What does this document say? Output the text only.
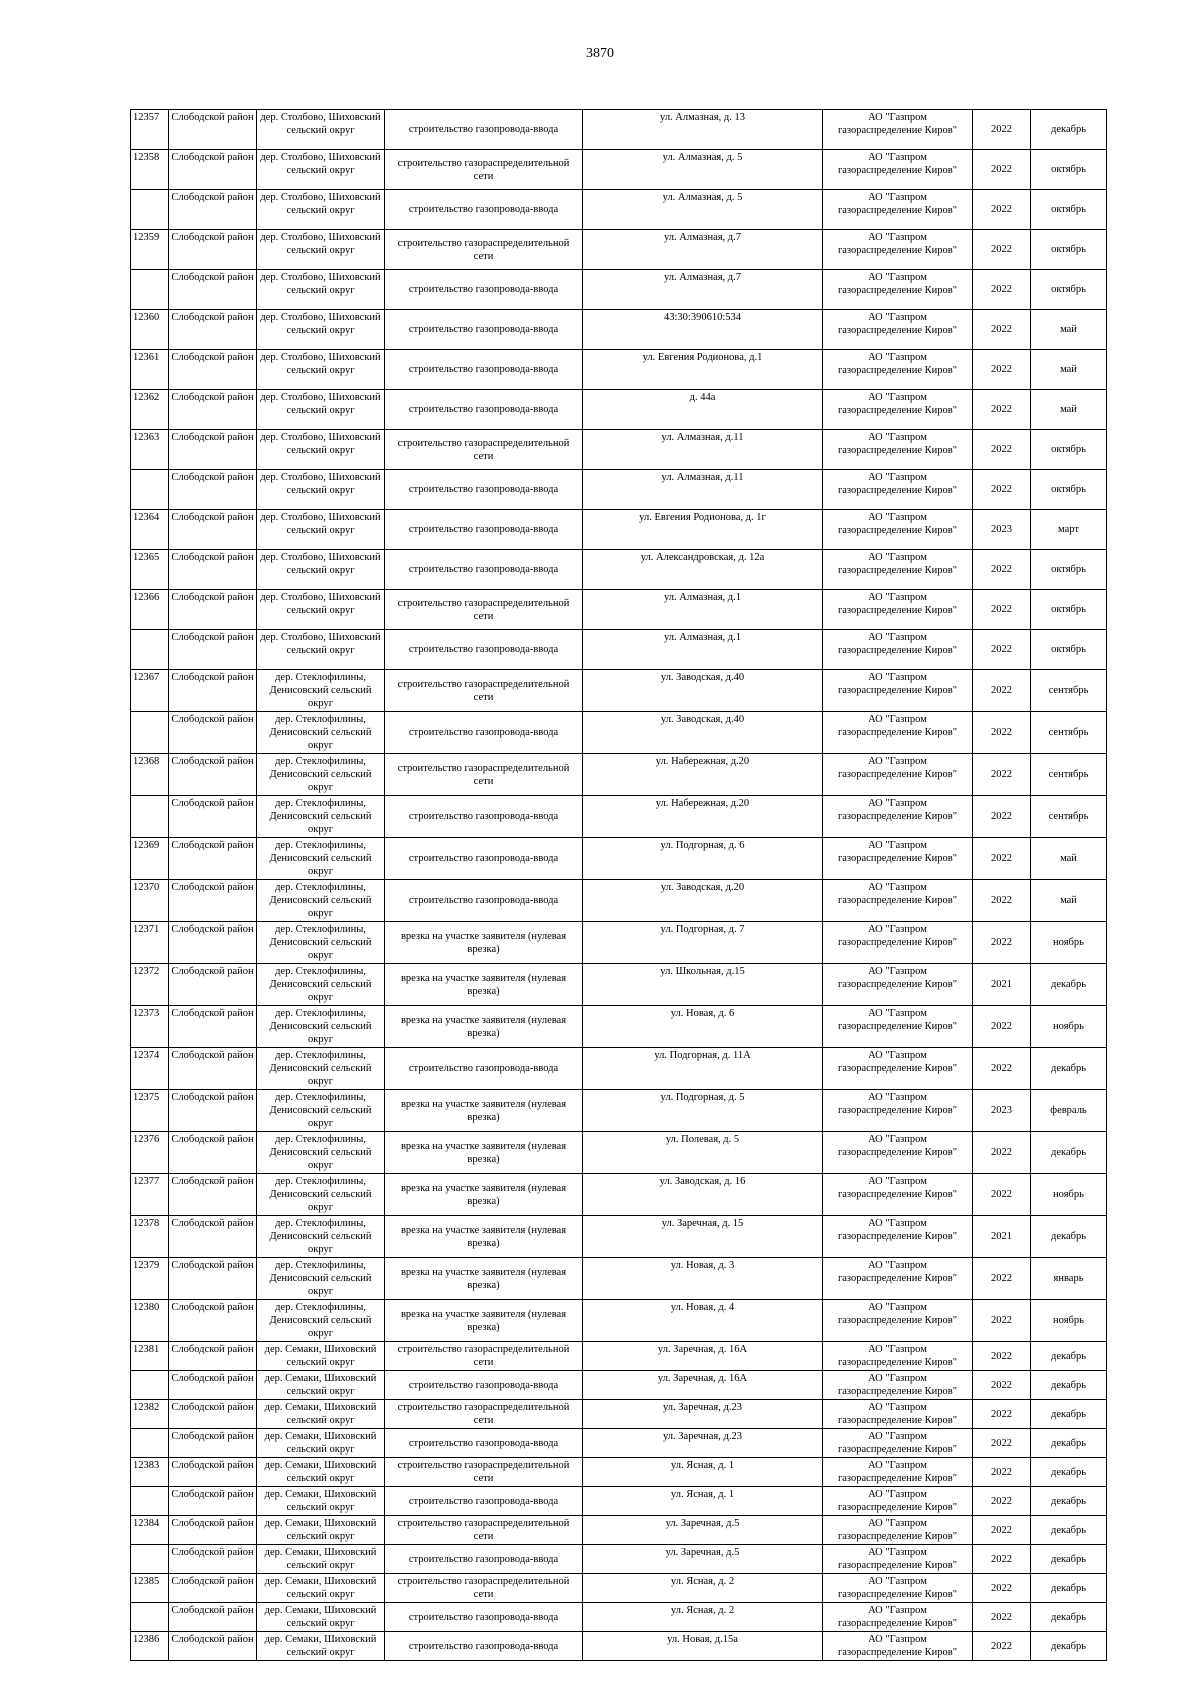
3870
12357	Слободской район	дер. Столбово, Шиховский сельский округ	строительство газопровода-ввода	ул. Алмазная, д. 13	АО "Газпром газораспределение Киров"	2022	декабрь
12358	Слободской район	дер. Столбово, Шиховский сельский округ	строительство газораспределительной сети	ул. Алмазная, д. 5	АО "Газпром газораспределение Киров"	2022	октябрь
	Слободской район	дер. Столбово, Шиховский сельский округ	строительство газопровода-ввода	ул. Алмазная, д. 5	АО "Газпром газораспределение Киров"	2022	октябрь
12359	Слободской район	дер. Столбово, Шиховский сельский округ	строительство газораспределительной сети	ул. Алмазная, д.7	АО "Газпром газораспределение Киров"	2022	октябрь
	Слободской район	дер. Столбово, Шиховский сельский округ	строительство газопровода-ввода	ул. Алмазная, д.7	АО "Газпром газораспределение Киров"	2022	октябрь
12360	Слободской район	дер. Столбово, Шиховский сельский округ	строительство газопровода-ввода	43:30:390610:534	АО "Газпром газораспределение Киров"	2022	май
12361	Слободской район	дер. Столбово, Шиховский сельский округ	строительство газопровода-ввода	ул. Евгения Родионова, д.1	АО "Газпром газораспределение Киров"	2022	май
12362	Слободской район	дер. Столбово, Шиховский сельский округ	строительство газопровода-ввода	д. 44а	АО "Газпром газораспределение Киров"	2022	май
12363	Слободской район	дер. Столбово, Шиховский сельский округ	строительство газораспределительной сети	ул. Алмазная, д.11	АО "Газпром газораспределение Киров"	2022	октябрь
	Слободской район	дер. Столбово, Шиховский сельский округ	строительство газопровода-ввода	ул. Алмазная, д.11	АО "Газпром газораспределение Киров"	2022	октябрь
12364	Слободской район	дер. Столбово, Шиховский сельский округ	строительство газопровода-ввода	ул. Евгения Родионова, д. 1г	АО "Газпром газораспределение Киров"	2023	март
12365	Слободской район	дер. Столбово, Шиховский сельский округ	строительство газопровода-ввода	ул. Александровская, д. 12а	АО "Газпром газораспределение Киров"	2022	октябрь
12366	Слободской район	дер. Столбово, Шиховский сельский округ	строительство газораспределительной сети	ул. Алмазная, д.1	АО "Газпром газораспределение Киров"	2022	октябрь
	Слободской район	дер. Столбово, Шиховский сельский округ	строительство газопровода-ввода	ул. Алмазная, д.1	АО "Газпром газораспределение Киров"	2022	октябрь
12367	Слободской район	дер. Стеклофилины, Денисовский сельский округ	строительство газораспределительной сети	ул. Заводская, д.40	АО "Газпром газораспределение Киров"	2022	сентябрь
	Слободской район	дер. Стеклофилины, Денисовский сельский округ	строительство газопровода-ввода	ул. Заводская, д.40	АО "Газпром газораспределение Киров"	2022	сентябрь
12368	Слободской район	дер. Стеклофилины, Денисовский сельский округ	строительство газораспределительной сети	ул. Набережная, д.20	АО "Газпром газораспределение Киров"	2022	сентябрь
	Слободской район	дер. Стеклофилины, Денисовский сельский округ	строительство газопровода-ввода	ул. Набережная, д.20	АО "Газпром газораспределение Киров"	2022	сентябрь
12369	Слободской район	дер. Стеклофилины, Денисовский сельский округ	строительство газопровода-ввода	ул. Подгорная, д. 6	АО "Газпром газораспределение Киров"	2022	май
12370	Слободской район	дер. Стеклофилины, Денисовский сельский округ	строительство газопровода-ввода	ул. Заводская, д.20	АО "Газпром газораспределение Киров"	2022	май
12371	Слободской район	дер. Стеклофилины, Денисовский сельский округ	врезка на участке заявителя (нулевая врезка)	ул. Подгорная, д. 7	АО "Газпром газораспределение Киров"	2022	ноябрь
12372	Слободской район	дер. Стеклофилины, Денисовский сельский округ	врезка на участке заявителя (нулевая врезка)	ул. Школьная, д.15	АО "Газпром газораспределение Киров"	2021	декабрь
12373	Слободской район	дер. Стеклофилины, Денисовский сельский округ	врезка на участке заявителя (нулевая врезка)	ул. Новая, д. 6	АО "Газпром газораспределение Киров"	2022	ноябрь
12374	Слободской район	дер. Стеклофилины, Денисовский сельский округ	строительство газопровода-ввода	ул. Подгорная, д. 11А	АО "Газпром газораспределение Киров"	2022	декабрь
12375	Слободской район	дер. Стеклофилины, Денисовский сельский округ	врезка на участке заявителя (нулевая врезка)	ул. Подгорная, д. 5	АО "Газпром газораспределение Киров"	2023	февраль
12376	Слободской район	дер. Стеклофилины, Денисовский сельский округ	врезка на участке заявителя (нулевая врезка)	ул. Полевая, д. 5	АО "Газпром газораспределение Киров"	2022	декабрь
12377	Слободской район	дер. Стеклофилины, Денисовский сельский округ	врезка на участке заявителя (нулевая врезка)	ул. Заводская, д. 16	АО "Газпром газораспределение Киров"	2022	ноябрь
12378	Слободской район	дер. Стеклофилины, Денисовский сельский округ	врезка на участке заявителя (нулевая врезка)	ул. Заречная, д. 15	АО "Газпром газораспределение Киров"	2021	декабрь
12379	Слободской район	дер. Стеклофилины, Денисовский сельский округ	врезка на участке заявителя (нулевая врезка)	ул. Новая, д. 3	АО "Газпром газораспределение Киров"	2022	январь
12380	Слободской район	дер. Стеклофилины, Денисовский сельский округ	врезка на участке заявителя (нулевая врезка)	ул. Новая, д. 4	АО "Газпром газораспределение Киров"	2022	ноябрь
12381	Слободской район	дер. Семаки, Шиховский сельский округ	строительство газораспределительной сети	ул. Заречная, д. 16А	АО "Газпром газораспределение Киров"	2022	декабрь
	Слободской район	дер. Семаки, Шиховский сельский округ	строительство газопровода-ввода	ул. Заречная, д. 16А	АО "Газпром газораспределение Киров"	2022	декабрь
12382	Слободской район	дер. Семаки, Шиховский сельский округ	строительство газораспределительной сети	ул. Заречная, д.23	АО "Газпром газораспределение Киров"	2022	декабрь
	Слободской район	дер. Семаки, Шиховский сельский округ	строительство газопровода-ввода	ул. Заречная, д.23	АО "Газпром газораспределение Киров"	2022	декабрь
12383	Слободской район	дер. Семаки, Шиховский сельский округ	строительство газораспределительной сети	ул. Ясная, д. 1	АО "Газпром газораспределение Киров"	2022	декабрь
	Слободской район	дер. Семаки, Шиховский сельский округ	строительство газопровода-ввода	ул. Ясная, д. 1	АО "Газпром газораспределение Киров"	2022	декабрь
12384	Слободской район	дер. Семаки, Шиховский сельский округ	строительство газораспределительной сети	ул. Заречная, д.5	АО "Газпром газораспределение Киров"	2022	декабрь
	Слободской район	дер. Семаки, Шиховский сельский округ	строительство газопровода-ввода	ул. Заречная, д.5	АО "Газпром газораспределение Киров"	2022	декабрь
12385	Слободской район	дер. Семаки, Шиховский сельский округ	строительство газораспределительной сети	ул. Ясная, д. 2	АО "Газпром газораспределение Киров"	2022	декабрь
	Слободской район	дер. Семаки, Шиховский сельский округ	строительство газопровода-ввода	ул. Ясная, д. 2	АО "Газпром газораспределение Киров"	2022	декабрь
12386	Слободской район	дер. Семаки, Шиховский сельский округ	строительство газопровода-ввода	ул. Новая, д.15а	АО "Газпром газораспределение Киров"	2022	декабрь
